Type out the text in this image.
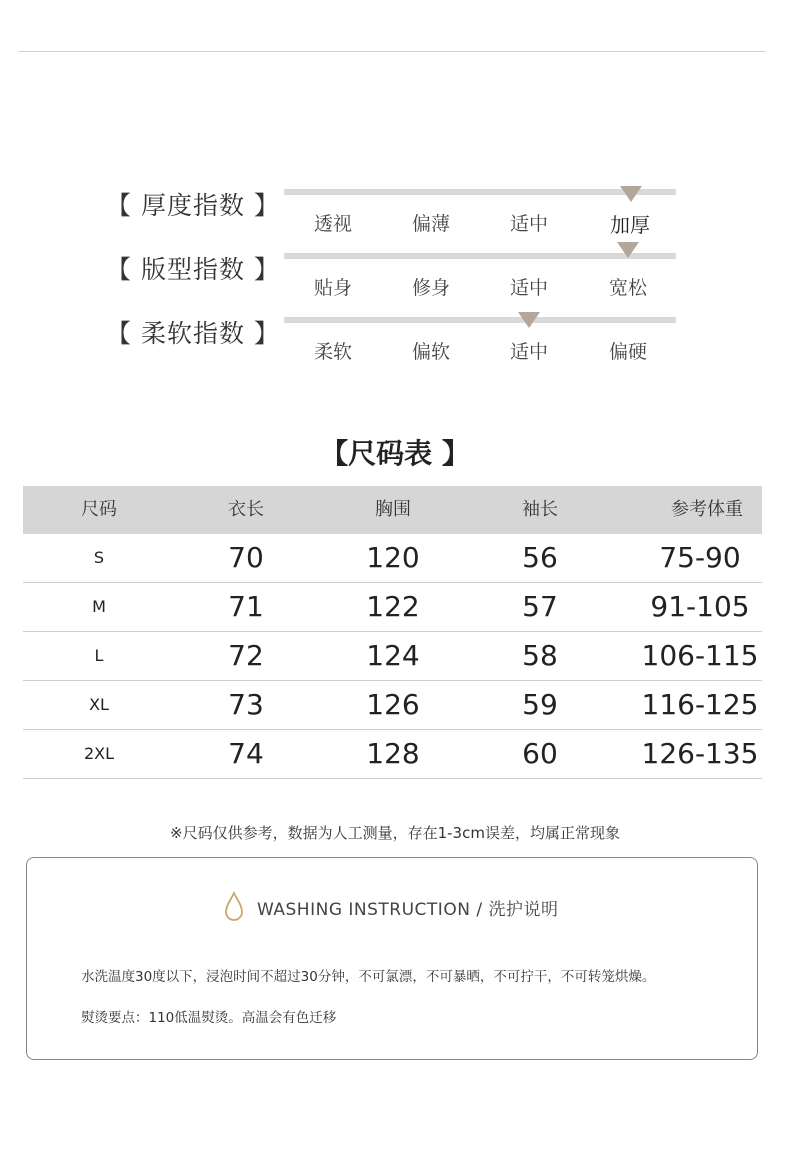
【 厚度指数 】
透视	偏薄	适中	加厚
【 版型指数 】
贴身	修身	适中	宽松
【 柔软指数 】
柔软	偏软	适中	偏硬
【尺码表 】
尺码	衣长	胸围	袖长	参考体重
S	70	120	56	75-90
M	71	122	57	91-105
L	72	124	58	106-115
XL	73	126	59	116-125
2XL	74	128	60	126-135
※尺码仅供参考，数据为人工测量，存在1-3cm误差，均属正常现象
WASHING INSTRUCTION / 洗护说明
水洗温度30度以下，浸泡时间不超过30分钟，不可氯漂，不可暴晒，不可拧干，不可转笼烘燥。
熨烫要点：110低温熨烫。高温会有色迁移
